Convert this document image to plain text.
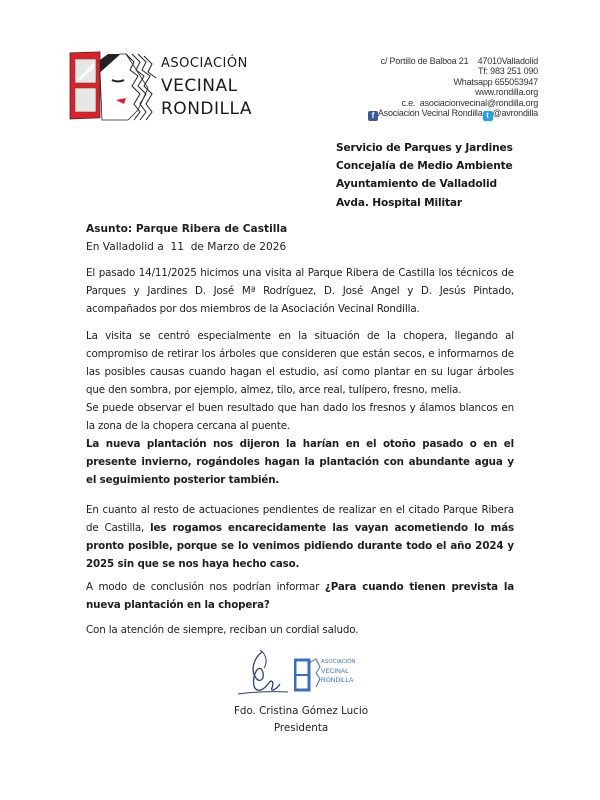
ASOCIACIÓN
VECINAL
RONDILLA
c/ Portillo de Balboa 21 47010Valladolid
Tf: 983 251 090
Whatsapp 655053947
www.rondilla.org
c.e. asociacionvecinal@rondilla.org
f Asociacion Vecinal Rondilla t @avrondilla
Servicio de Parques y Jardines
Concejalía de Medio Ambiente
Ayuntamiento de Valladolid
Avda. Hospital Militar
Asunto: Parque Ribera de Castilla
En Valladolid a  11  de Marzo de 2026
El pasado 14/11/2025 hicimos una visita al Parque Ribera de Castilla los técnicos de Parques y Jardines D. José Mª Rodríguez, D. José Angel y D. Jesús Pintado, acompañados por dos miembros de la Asociación Vecinal Rondilla.
La visita se centró especialmente en la situación de la chopera, llegando al compromiso de retirar los árboles que consideren que están secos, e informarnos de las posibles causas cuando hagan el estudio, así como plantar en su lugar árboles que den sombra, por ejemplo, almez, tilo, arce real, tulípero, fresno, melia.
Se puede observar el buen resultado que han dado los fresnos y álamos blancos en la zona de la chopera cercana al puente.
La nueva plantación nos dijeron la harían en el otoño pasado o en el presente invierno, rogándoles hagan la plantación con abundante agua y el seguimiento posterior también.
En cuanto al resto de actuaciones pendientes de realizar en el citado Parque Ribera de Castilla, les rogamos encarecidamente las vayan acometiendo lo más pronto posible, porque se lo venimos pidiendo durante todo el año 2024 y 2025 sin que se nos haya hecho caso.
A modo de conclusión nos podrían informar ¿Para cuando tienen prevista la nueva plantación en la chopera?
Con la atención de siempre, reciban un cordial saludo.
ASOCIACIÓN
VECINAL
RONDILLA
Fdo. Cristina Gómez Lucio
Presidenta
